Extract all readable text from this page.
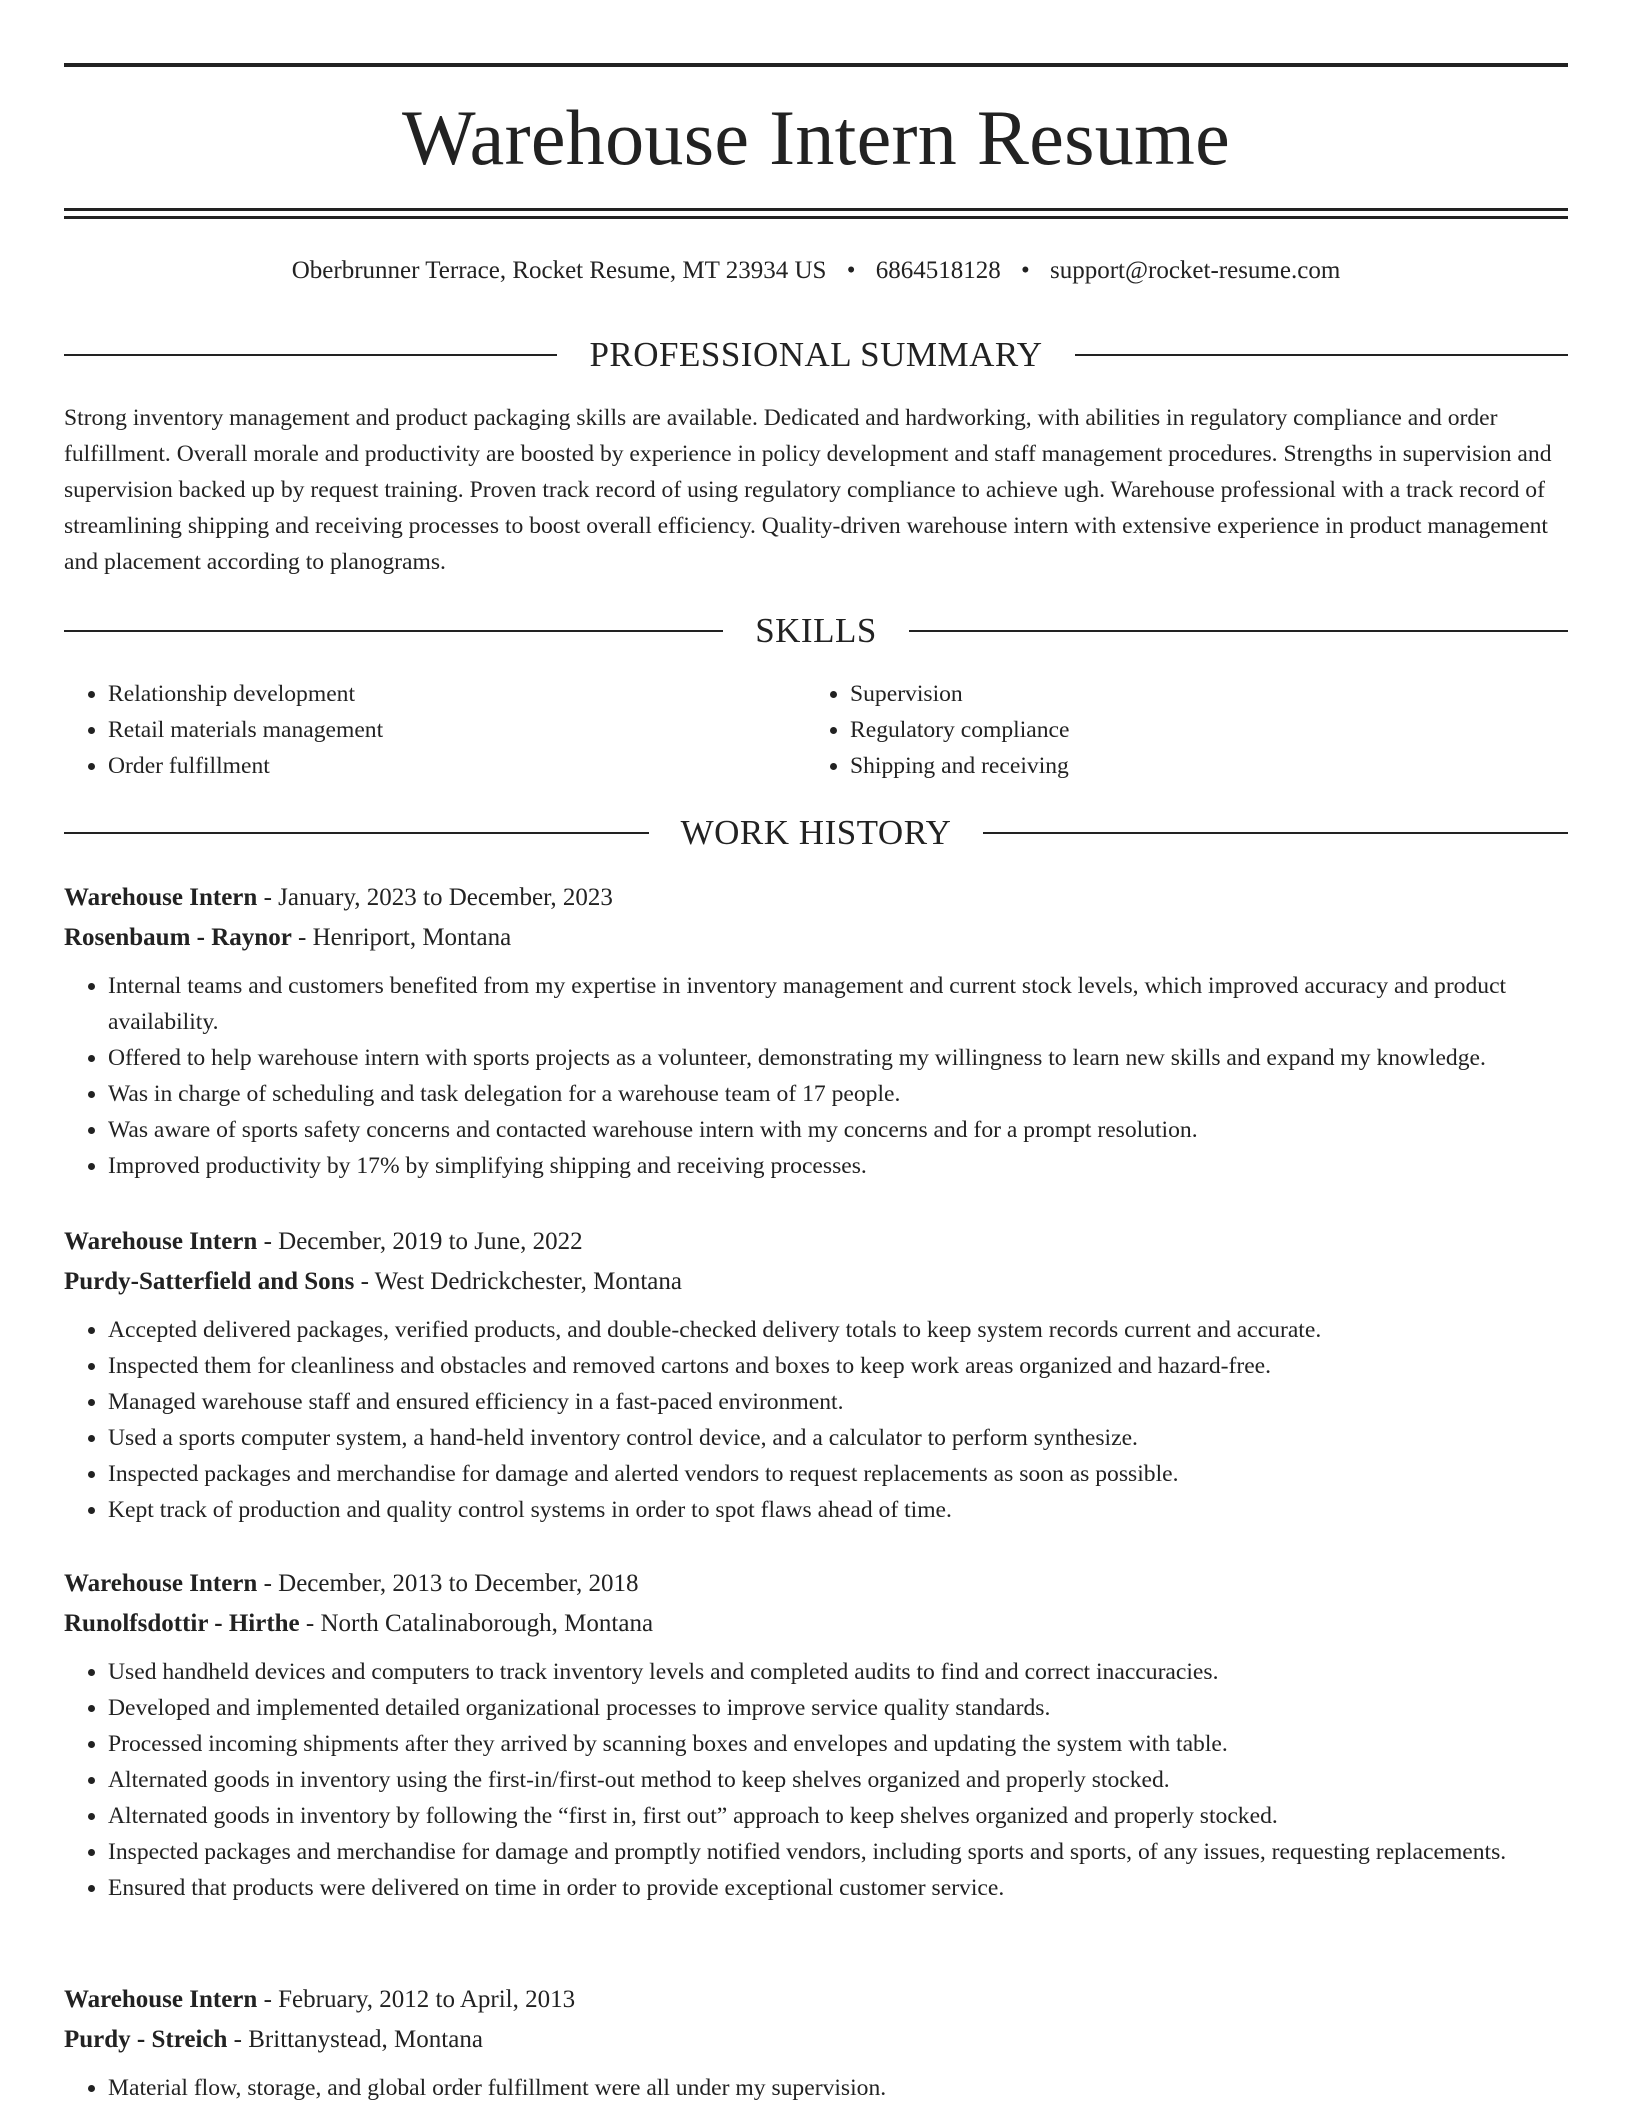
Warehouse Intern Resume
Oberbrunner Terrace, Rocket Resume, MT 23934 US • 6864518128 • support@rocket-resume.com
PROFESSIONAL SUMMARY

Strong inventory management and product packaging skills are available. Dedicated and hardworking, with abilities in regulatory compliance and order fulfillment. Overall morale and productivity are boosted by experience in policy development and staff management procedures. Strengths in supervision and supervision backed up by request training. Proven track record of using regulatory compliance to achieve ugh. Warehouse professional with a track record of streamlining shipping and receiving processes to boost overall efficiency. Quality-driven warehouse intern with extensive experience in product management and placement according to planograms.

SKILLS
• Relationship development
• Retail materials management
• Order fulfillment
• Supervision
• Regulatory compliance
• Shipping and receiving
WORK HISTORY
Warehouse Intern - January, 2023 to December, 2023
Rosenbaum - Raynor - Henriport, Montana
• Internal teams and customers benefited from my expertise in inventory management and current stock levels, which improved accuracy and product availability.
• Offered to help warehouse intern with sports projects as a volunteer, demonstrating my willingness to learn new skills and expand my knowledge.
• Was in charge of scheduling and task delegation for a warehouse team of 17 people.
• Was aware of sports safety concerns and contacted warehouse intern with my concerns and for a prompt resolution.
• Improved productivity by 17% by simplifying shipping and receiving processes.
Warehouse Intern - December, 2019 to June, 2022
Purdy-Satterfield and Sons - West Dedrickchester, Montana
• Accepted delivered packages, verified products, and double-checked delivery totals to keep system records current and accurate.
• Inspected them for cleanliness and obstacles and removed cartons and boxes to keep work areas organized and hazard-free.
• Managed warehouse staff and ensured efficiency in a fast-paced environment.
• Used a sports computer system, a hand-held inventory control device, and a calculator to perform synthesize.
• Inspected packages and merchandise for damage and alerted vendors to request replacements as soon as possible.
• Kept track of production and quality control systems in order to spot flaws ahead of time.
Warehouse Intern - December, 2013 to December, 2018
Runolfsdottir - Hirthe - North Catalinaborough, Montana
• Used handheld devices and computers to track inventory levels and completed audits to find and correct inaccuracies.
• Developed and implemented detailed organizational processes to improve service quality standards.
• Processed incoming shipments after they arrived by scanning boxes and envelopes and updating the system with table.
• Alternated goods in inventory using the first-in/first-out method to keep shelves organized and properly stocked.
• Alternated goods in inventory by following the “first in, first out” approach to keep shelves organized and properly stocked.
• Inspected packages and merchandise for damage and promptly notified vendors, including sports and sports, of any issues, requesting replacements.
• Ensured that products were delivered on time in order to provide exceptional customer service.
Warehouse Intern - February, 2012 to April, 2013
Purdy - Streich - Brittanystead, Montana
• Material flow, storage, and global order fulfillment were all under my supervision.
